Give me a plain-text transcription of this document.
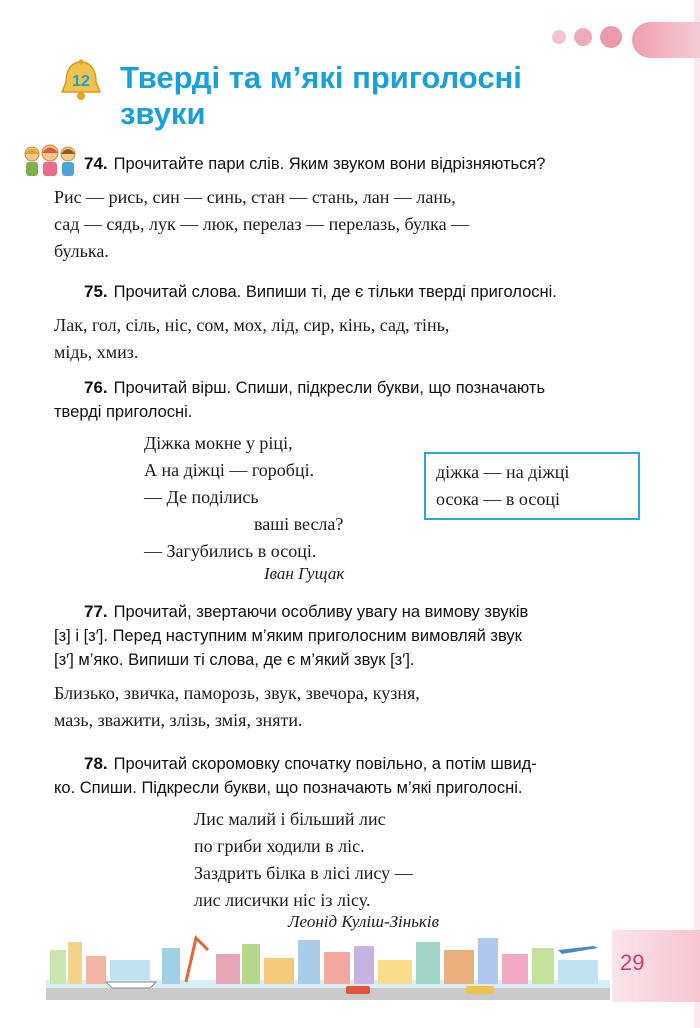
12 Тверді та м’які приголосні
звуки
74. Прочитайте пари слів. Яким звуком вони відрізняються?
Рис — рись, син — синь, стан — стань, лан — лань,
сад — сядь, лук — люк, перелаз — перелазь, булка —
булька.
75. Прочитай слова. Випиши ті, де є тільки тверді приголосні.
Лак, гол, сіль, ніс, сом, мох, лід, сир, кінь, сад, тінь,
мідь, хмиз.
76. Прочитай вірш. Спиши, підкресли букви, що позначають
тверді приголосні.
Діжка мокне у ріці,
А на діжці — горобці.
— Де поділись
ваші весла?
— Загубились в осоці.
Іван Гущак
діжка — на діжці
осока — в осоці
77. Прочитай, звертаючи особливу увагу на вимову звуків
[з] і [з′]. Перед наступним м’яким приголосним вимовляй звук
[з′] м’яко. Випиши ті слова, де є м’який звук [з′].
Близько, звичка, паморозь, звук, звечора, кузня,
мазь, зважити, злізь, змія, зняти.
78. Прочитай скоромовку спочатку повільно, а потім швид-
ко. Спиши. Підкресли букви, що позначають м’які приголосні.
Лис малий і більший лис
по гриби ходили в ліс.
Заздрить білка в лісі лису —
лис лисички ніс із лісу.
Леонід Куліш-Зіньків
29
